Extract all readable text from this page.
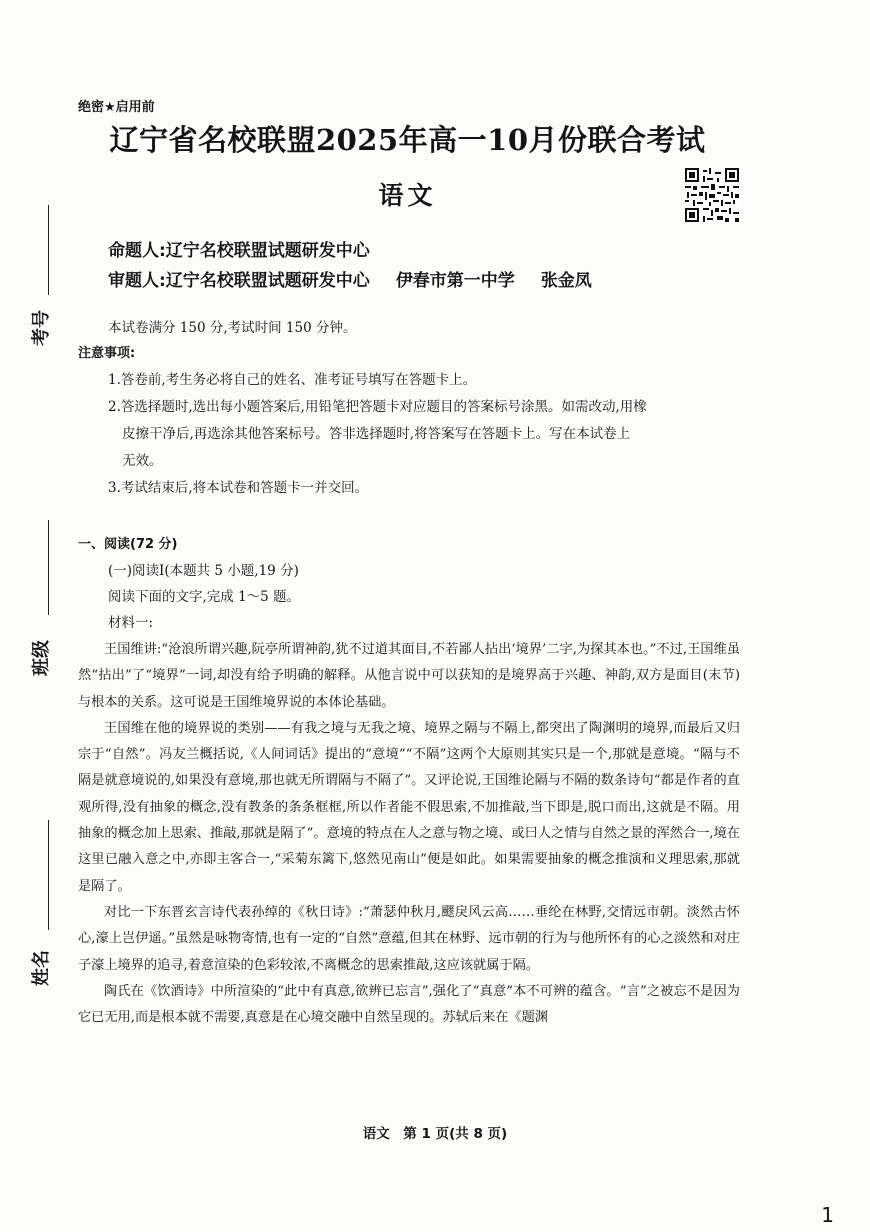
绝密★启用前
辽宁省名校联盟2025年高一10月份联合考试
语文
命题人:辽宁名校联盟试题研发中心
审题人:辽宁名校联盟试题研发中心 伊春市第一中学 张金凤
本试卷满分 150 分,考试时间 150 分钟。
注意事项:
1.答卷前,考生务必将自己的姓名、准考证号填写在答题卡上。
2.答选择题时,选出每小题答案后,用铅笔把答题卡对应题目的答案标号涂黑。如需改动,用橡
皮擦干净后,再选涂其他答案标号。答非选择题时,将答案写在答题卡上。写在本试卷上
无效。
3.考试结束后,将本试卷和答题卡一并交回。
考号
班级
姓名
一、阅读(72 分)
(一)阅读Ⅰ(本题共 5 小题,19 分)
阅读下面的文字,完成 1～5 题。
材料一:

王国维讲:“沧浪所谓兴趣,阮亭所谓神韵,犹不过道其面目,不若鄙人拈出‘境界’二字,为探其本也。”不过,王国维虽然“拈出”了“境界”一词,却没有给予明确的解释。从他言说中可以获知的是境界高于兴趣、神韵,双方是面目(末节)与根本的关系。这可说是王国维境界说的本体论基础。

王国维在他的境界说的类别——有我之境与无我之境、境界之隔与不隔上,都突出了陶渊明的境界,而最后又归宗于“自然”。冯友兰概括说,《人间词话》提出的“意境”“不隔”这两个大原则其实只是一个,那就是意境。“隔与不隔是就意境说的,如果没有意境,那也就无所谓隔与不隔了”。又评论说,王国维论隔与不隔的数条诗句“都是作者的直观所得,没有抽象的概念,没有教条的条条框框,所以作者能不假思索,不加推敲,当下即是,脱口而出,这就是不隔。用抽象的概念加上思索、推敲,那就是隔了”。意境的特点在人之意与物之境、或曰人之情与自然之景的浑然合一,境在这里已融入意之中,亦即主客合一,“采菊东篱下,悠然见南山”便是如此。如果需要抽象的概念推演和义理思索,那就是隔了。

对比一下东晋玄言诗代表孙绰的《秋日诗》:“萧瑟仲秋月,飂戾风云高……垂纶在林野,交情远市朝。淡然古怀心,濠上岂伊遥。”虽然是咏物寄情,也有一定的“自然”意蕴,但其在林野、远市朝的行为与他所怀有的心之淡然和对庄子濠上境界的追寻,着意渲染的色彩较浓,不离概念的思索推敲,这应该就属于隔。

陶氏在《饮酒诗》中所渲染的“此中有真意,欲辨已忘言”,强化了“真意”本不可辨的蕴含。“言”之被忘不是因为它已无用,而是根本就不需要,真意是在心境交融中自然呈现的。苏轼后来在《题渊

语文　第 1 页(共 8 页)
1
